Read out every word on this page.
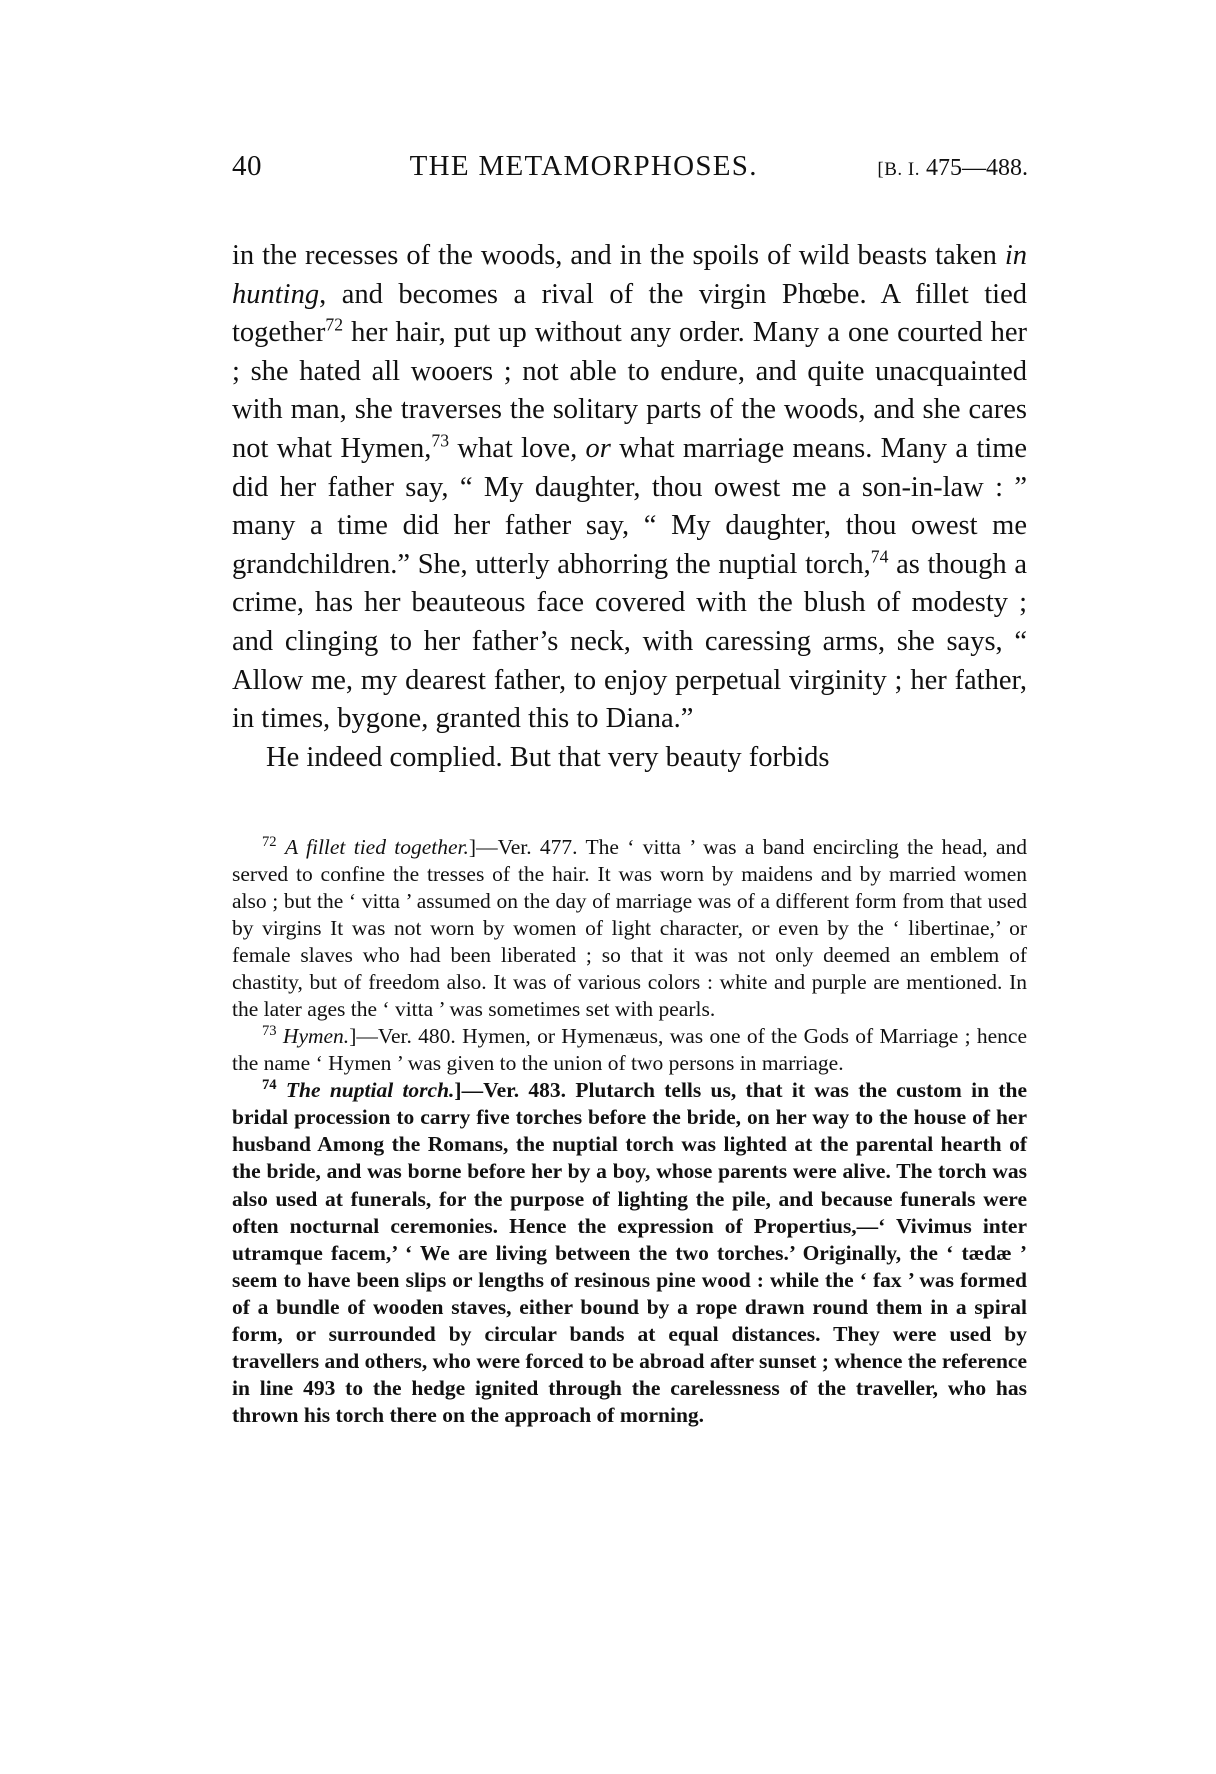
40	THE METAMORPHOSES.	[B. I. 475—488.

in the recesses of the woods, and in the spoils of wild beasts taken in hunting, and becomes a rival of the virgin Phœbe. A fillet tied together$^{72}$ her hair, put up without any order. Many a one courted her ; she hated all wooers ; not able to endure, and quite unacquainted with man, she traverses the solitary parts of the woods, and she cares not what Hymen,$^{73}$ what love, or what marriage means. Many a time did her father say, “ My daughter, thou owest me a son-in-law : ” many a time did her father say, “ My daughter, thou owest me grandchildren.” She, utterly abhorring the nuptial torch,$^{74}$ as though a crime, has her beauteous face covered with the blush of modesty ; and clinging to her father’s neck, with caressing arms, she says, “ Allow me, my dearest father, to enjoy perpetual virginity ; her father, in times, bygone, granted this to Diana.”

He indeed complied. But that very beauty forbids

$^{72}$ A fillet tied together.]—Ver. 477. The ‘ vitta ’ was a band encircling the head, and served to confine the tresses of the hair. It was worn by maidens and by married women also ; but the ‘ vitta ’ assumed on the day of marriage was of a different form from that used by virgins It was not worn by women of light character, or even by the ‘ libertinae,’ or female slaves who had been liberated ; so that it was not only deemed an emblem of chastity, but of freedom also. It was of various colors : white and purple are mentioned. In the later ages the ‘ vitta ’ was sometimes set with pearls.

$^{73}$ Hymen.]—Ver. 480. Hymen, or Hymenæus, was one of the Gods of Marriage ; hence the name ‘ Hymen ’ was given to the union of two persons in marriage.

$^{74}$ The nuptial torch.]—Ver. 483. Plutarch tells us, that it was the custom in the bridal procession to carry five torches before the bride, on her way to the house of her husband Among the Romans, the nuptial torch was lighted at the parental hearth of the bride, and was borne before her by a boy, whose parents were alive. The torch was also used at funerals, for the purpose of lighting the pile, and because funerals were often nocturnal ceremonies. Hence the expression of Propertius,—‘ Vivimus inter utramque facem,’ ‘ We are living between the two torches.’ Originally, the ‘ tædæ ’ seem to have been slips or lengths of resinous pine wood : while the ‘ fax ’ was formed of a bundle of wooden staves, either bound by a rope drawn round them in a spiral form, or surrounded by circular bands at equal distances. They were used by travellers and others, who were forced to be abroad after sunset ; whence the reference in line 493 to the hedge ignited through the carelessness of the traveller, who has thrown his torch there on the approach of morning.
